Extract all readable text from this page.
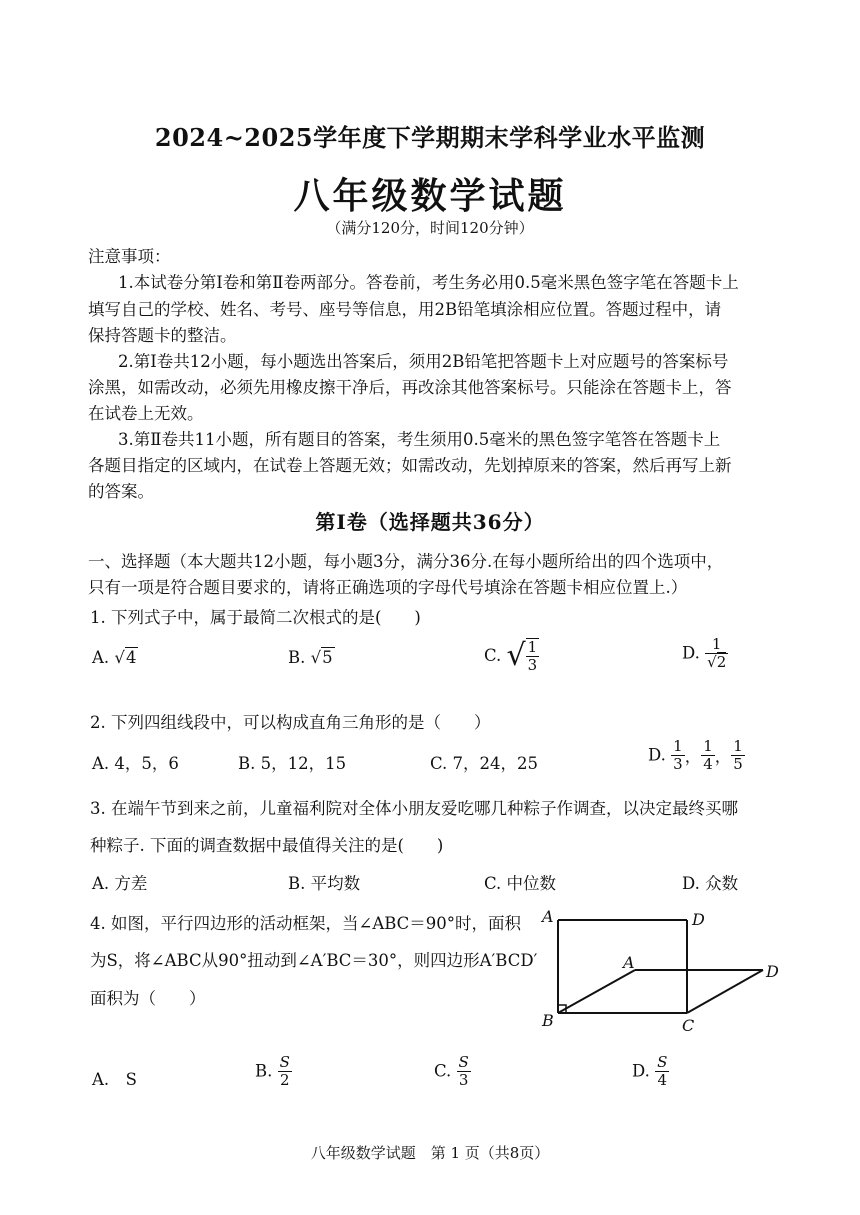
2024~2025学年度下学期期末学科学业水平监测
八年级数学试题
（满分120分，时间120分钟）
注意事项：
1.本试卷分第Ⅰ卷和第Ⅱ卷两部分。答卷前，考生务必用0.5毫米黑色签字笔在答题卡上
填写自己的学校、姓名、考号、座号等信息，用2B铅笔填涂相应位置。答题过程中，请
保持答题卡的整洁。
2.第Ⅰ卷共12小题，每小题选出答案后，须用2B铅笔把答题卡上对应题号的答案标号
涂黑，如需改动，必须先用橡皮擦干净后，再改涂其他答案标号。只能涂在答题卡上，答
在试卷上无效。
3.第Ⅱ卷共11小题，所有题目的答案，考生须用0.5毫米的黑色签字笔答在答题卡上
各题目指定的区域内，在试卷上答题无效；如需改动，先划掉原来的答案，然后再写上新
的答案。
第Ⅰ卷（选择题共36分）
一、选择题（本大题共12小题，每小题3分，满分36分.在每小题所给出的四个选项中，
只有一项是符合题目要求的，请将正确选项的字母代号填涂在答题卡相应位置上.）
1. 下列式子中，属于最简二次根式的是(　　)
A. √4	B. √5	C. √ $\frac{1}{3}$	D. $\frac{1}{√2}$
2. 下列四组线段中，可以构成直角三角形的是（　　）
A. 4，5，6	B. 5，12，15	C. 7，24，25	D. $\frac{1}{3}$ ， $\frac{1}{4}$ ， $\frac{1}{5}$
3. 在端午节到来之前，儿童福利院对全体小朋友爱吃哪几种粽子作调查，以决定最终买哪
种粽子. 下面的调查数据中最值得关注的是(　　)
A. 方差	B. 平均数	C. 中位数	D. 众数
4. 如图，平行四边形的活动框架，当∠ABC＝90°时，面积
为S，将∠ABC从90°扭动到∠A′BC＝30°，则四边形A′BCD′
面积为（　　）
A	D
A	D
B	C
A.　S	B. $\frac{S}{2}$	C. $\frac{S}{3}$	D. $\frac{S}{4}$
八年级数学试题　第 1 页（共8页）
